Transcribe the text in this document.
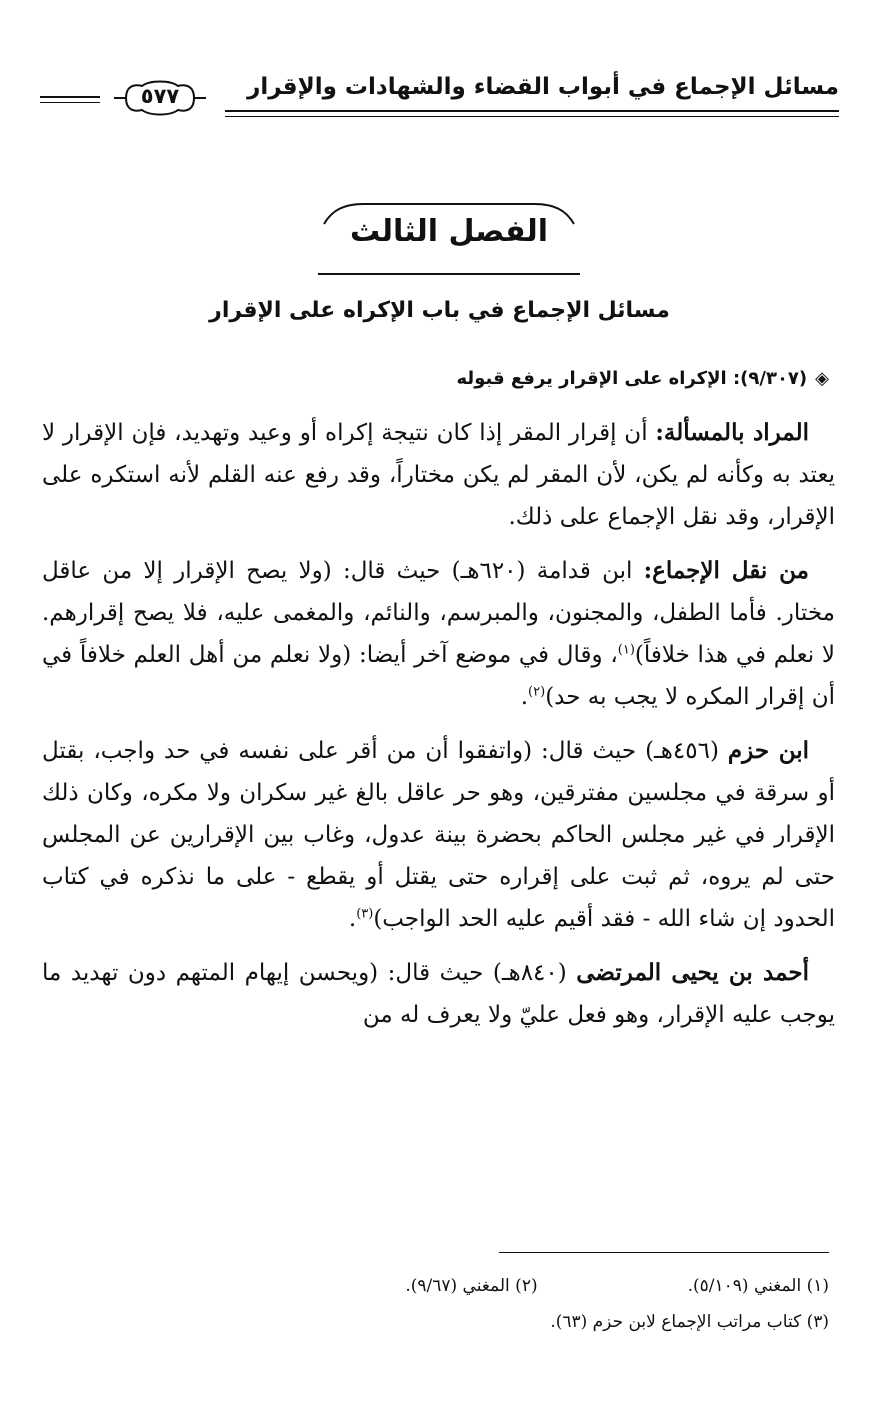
مسائل الإجماع في أبواب القضاء والشهادات والإقرار
٥٧٧
الفصل الثالث
مسائل الإجماع في باب الإكراه على الإقرار
◈(٩/٣٠٧): الإكراه على الإقرار يرفع قبوله

المراد بالمسألة: أن إقرار المقر إذا كان نتيجة إكراه أو وعيد وتهديد، فإن الإقرار لا يعتد به وكأنه لم يكن، لأن المقر لم يكن مختاراً، وقد رفع عنه القلم لأنه استكره على الإقرار، وقد نقل الإجماع على ذلك.

من نقل الإجماع: ابن قدامة (٦٢٠هـ) حيث قال: (ولا يصح الإقرار إلا من عاقل مختار. فأما الطفل، والمجنون، والمبرسم، والنائم، والمغمى عليه، فلا يصح إقرارهم. لا نعلم في هذا خلافاً)$^{(١)}$، وقال في موضع آخر أيضا: (ولا نعلم من أهل العلم خلافاً في أن إقرار المكره لا يجب به حد)$^{(٢)}$.

ابن حزم (٤٥٦هـ) حيث قال: (واتفقوا أن من أقر على نفسه في حد واجب، بقتل أو سرقة في مجلسين مفترقين، وهو حر عاقل بالغ غير سكران ولا مكره، وكان ذلك الإقرار في غير مجلس الحاكم بحضرة بينة عدول، وغاب بين الإقرارين عن المجلس حتى لم يروه، ثم ثبت على إقراره حتى يقتل أو يقطع - على ما نذكره في كتاب الحدود إن شاء الله - فقد أقيم عليه الحد الواجب)$^{(٣)}$.

أحمد بن يحيى المرتضى (٨٤٠هـ) حيث قال: (ويحسن إيهام المتهم دون تهديد ما يوجب عليه الإقرار، وهو فعل عليّ ولا يعرف له من

(١) المغني (٥/١٠٩).
(٢) المغني (٩/٦٧).
(٣) كتاب مراتب الإجماع لابن حزم (٦٣).
